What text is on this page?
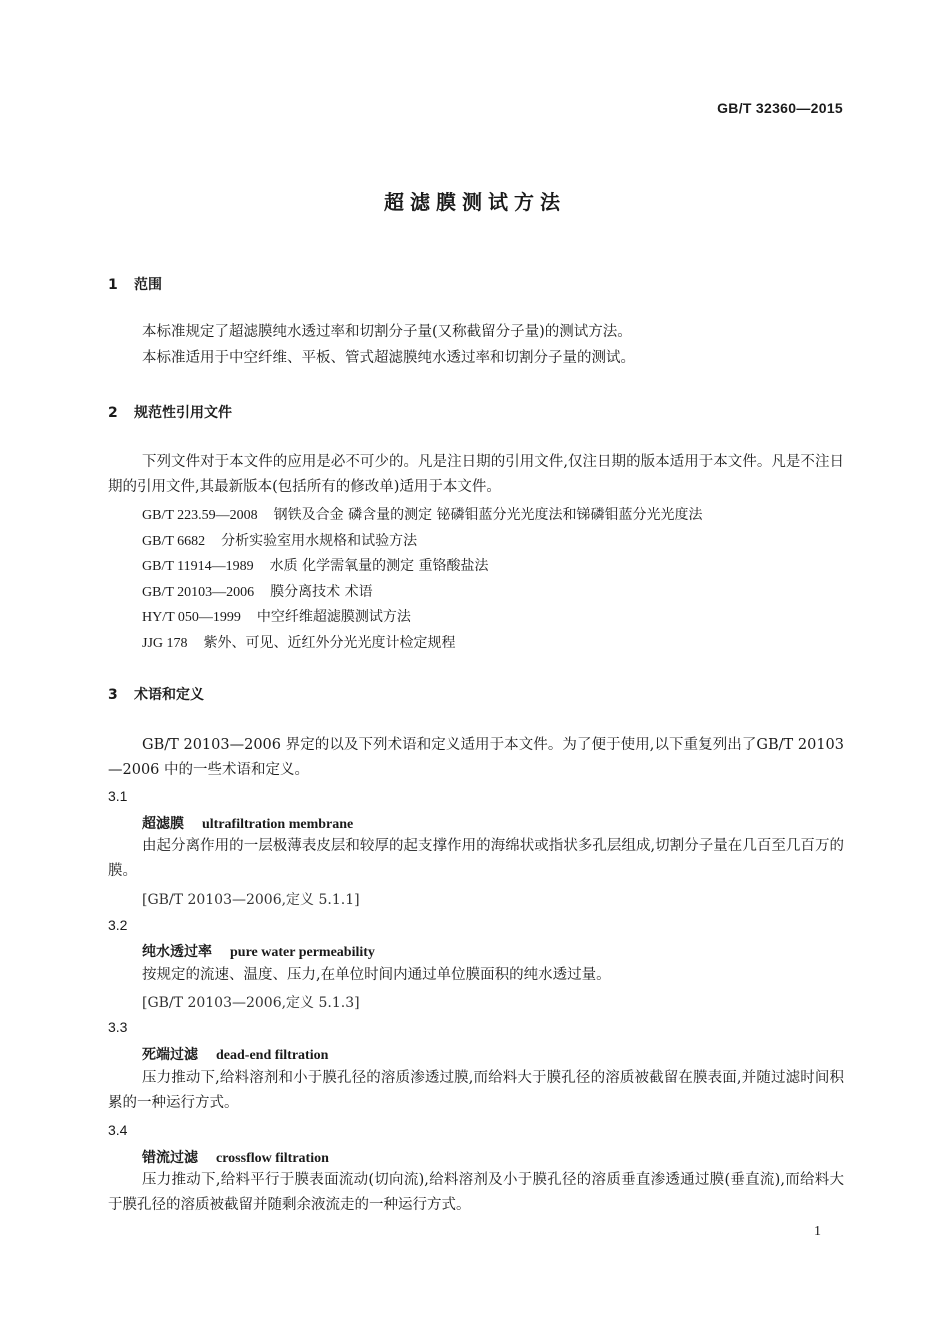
GB/T 32360—2015
超滤膜测试方法
1 范围
本标准规定了超滤膜纯水透过率和切割分子量(又称截留分子量)的测试方法。
本标准适用于中空纤维、平板、管式超滤膜纯水透过率和切割分子量的测试。
2 规范性引用文件
下列文件对于本文件的应用是必不可少的。凡是注日期的引用文件,仅注日期的版本适用于本文件。凡是不注日期的引用文件,其最新版本(包括所有的修改单)适用于本文件。
GB/T 223.59—2008 钢铁及合金 磷含量的测定 铋磷钼蓝分光光度法和锑磷钼蓝分光光度法
GB/T 6682 分析实验室用水规格和试验方法
GB/T 11914—1989 水质 化学需氧量的测定 重铬酸盐法
GB/T 20103—2006 膜分离技术 术语
HY/T 050—1999 中空纤维超滤膜测试方法
JJG 178 紫外、可见、近红外分光光度计检定规程
3 术语和定义
GB/T 20103—2006 界定的以及下列术语和定义适用于本文件。为了便于使用,以下重复列出了GB/T 20103—2006 中的一些术语和定义。
3.1
超滤膜 ultrafiltration membrane
由起分离作用的一层极薄表皮层和较厚的起支撑作用的海绵状或指状多孔层组成,切割分子量在几百至几百万的膜。
[GB/T 20103—2006,定义 5.1.1]
3.2
纯水透过率 pure water permeability
按规定的流速、温度、压力,在单位时间内通过单位膜面积的纯水透过量。
[GB/T 20103—2006,定义 5.1.3]
3.3
死端过滤 dead-end filtration
压力推动下,给料溶剂和小于膜孔径的溶质渗透过膜,而给料大于膜孔径的溶质被截留在膜表面,并随过滤时间积累的一种运行方式。
3.4
错流过滤 crossflow filtration
压力推动下,给料平行于膜表面流动(切向流),给料溶剂及小于膜孔径的溶质垂直渗透通过膜(垂直流),而给料大于膜孔径的溶质被截留并随剩余液流走的一种运行方式。
1
